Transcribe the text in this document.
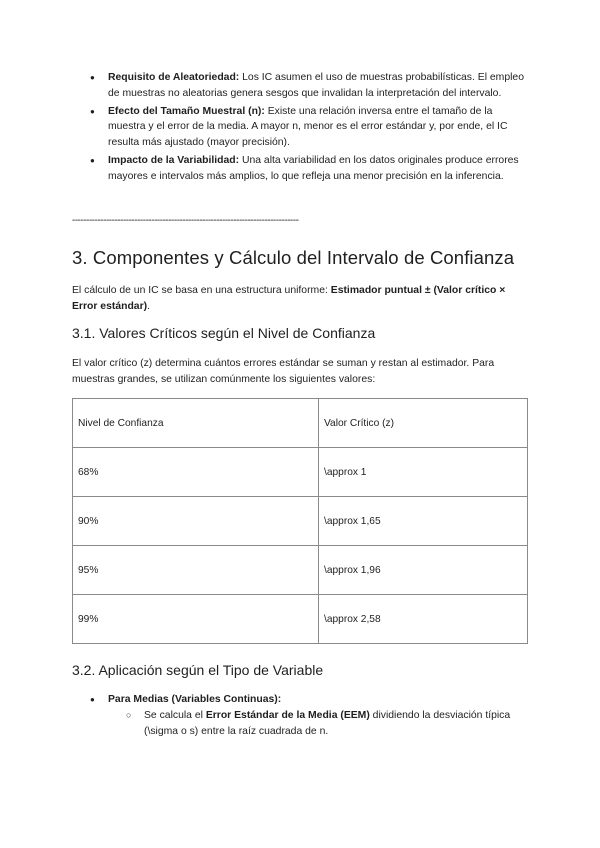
● Requisito de Aleatoriedad: Los IC asumen el uso de muestras probabilísticas. El empleo de muestras no aleatorias genera sesgos que invalidan la interpretación del intervalo.
● Efecto del Tamaño Muestral (n): Existe una relación inversa entre el tamaño de la muestra y el error de la media. A mayor n, menor es el error estándar y, por ende, el IC resulta más ajustado (mayor precisión).
● Impacto de la Variabilidad: Una alta variabilidad en los datos originales produce errores mayores e intervalos más amplios, lo que refleja una menor precisión en la inferencia.
--------------------------------------------------------------------------------
3. Componentes y Cálculo del Intervalo de Confianza

El cálculo de un IC se basa en una estructura uniforme: Estimador puntual ± (Valor crítico × Error estándar).

3.1. Valores Críticos según el Nivel de Confianza

El valor crítico (z) determina cuántos errores estándar se suman y restan al estimador. Para muestras grandes, se utilizan comúnmente los siguientes valores:

Nivel de Confianza	Valor Crítico (z)
68%	\approx 1
90%	\approx 1,65
95%	\approx 1,96
99%	\approx 2,58
3.2. Aplicación según el Tipo de Variable
● Para Medias (Variables Continuas):
○ Se calcula el Error Estándar de la Media (EEM) dividiendo la desviación típica (\sigma o s) entre la raíz cuadrada de n.
